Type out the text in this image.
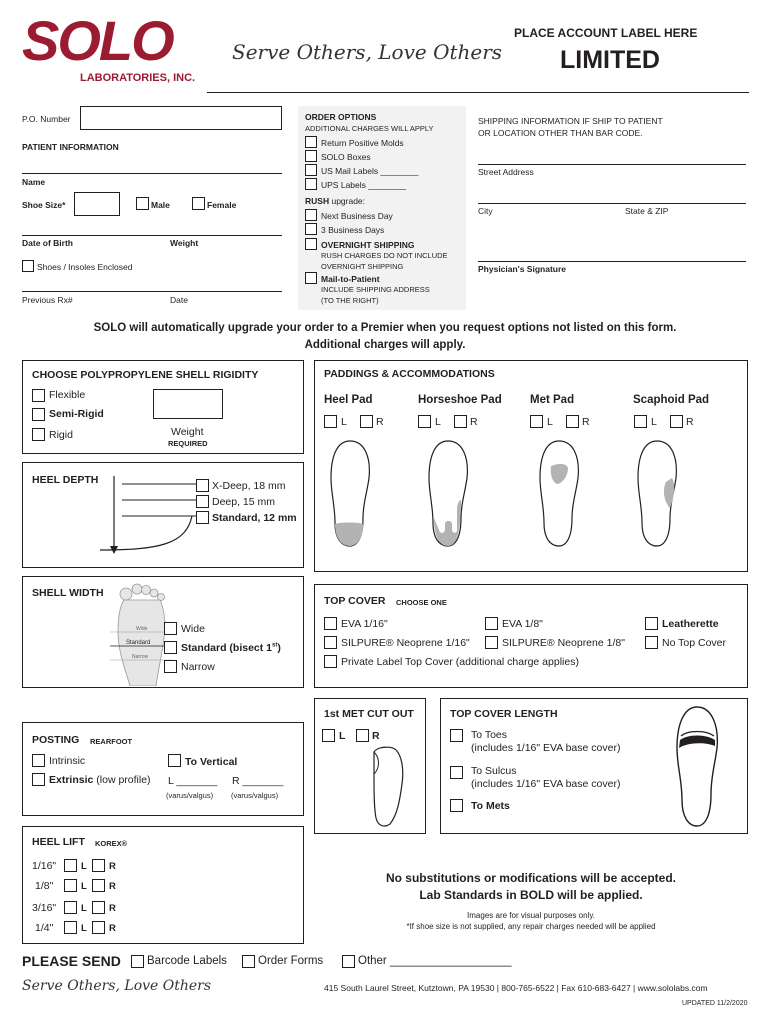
SOLO
LABORATORIES, INC.
Serve Others, Love Others
PLACE ACCOUNT LABEL HERE
LIMITED
P.O. Number
PATIENT INFORMATION
Name
Shoe Size*	Male	Female
Date of Birth	Weight
Shoes / Insoles Enclosed
Previous Rx#	Date
ORDER OPTIONS
ADDITIONAL CHARGES WILL APPLY
Return Positive Molds
SOLO Boxes
US Mail Labels ________
UPS Labels ________
RUSH upgrade:
Next Business Day
3 Business Days
OVERNIGHT SHIPPING
RUSH CHARGES DO NOT INCLUDE
OVERNIGHT SHIPPING
Mail-to-Patient
INCLUDE SHIPPING ADDRESS
(TO THE RIGHT)
SHIPPING INFORMATION IF SHIP TO PATIENT
OR LOCATION OTHER THAN BAR CODE.
Street Address
City	State & ZIP
Physician's Signature
SOLO will automatically upgrade your order to a Premier when you request options not listed on this form.
Additional charges will apply.
CHOOSE POLYPROPYLENE SHELL RIGIDITY
Flexible
Semi-Rigid
Rigid	Weight
REQUIRED
PADDINGS & ACCOMMODATIONS
Heel Pad
L	R
Horseshoe Pad
L	R
Met Pad
L	R
Scaphoid Pad
L	R
HEEL DEPTH	X-Deep, 18 mm
Deep, 15 mm
Standard, 12 mm
SHELL WIDTH
Wide
Standard
Narrow
Wide
Standard (bisect 1st)
Narrow
TOP COVER CHOOSE ONE
EVA 1/16"	EVA 1/8"	Leatherette
SILPURE® Neoprene 1/16"	SILPURE® Neoprene 1/8"	No Top Cover
Private Label Top Cover (additional charge applies)
1st MET CUT OUT
L	R
TOP COVER LENGTH
To Toes
(includes 1/16" EVA base cover)
To Sulcus
(includes 1/16" EVA base cover)
To Mets
POSTING REARFOOT
Intrinsic
Extrinsic (low profile)
To Vertical
L _______ R _______
(varus/valgus) (varus/valgus)
HEEL LIFT KOREX®
1/16"	L R
1/8"	L R
3/16"	L R
1/4"	L R
No substitutions or modifications will be accepted.
Lab Standards in BOLD will be applied.
Images are for visual purposes only.
*If shoe size is not supplied, any repair charges needed will be applied
PLEASE SEND Barcode Labels	Order Forms	Other ___________________
Serve Others, Love Others	415 South Laurel Street, Kutztown, PA 19530 | 800-765-6522 | Fax 610-683-6427 | www.sololabs.com
UPDATED 11/2/2020
